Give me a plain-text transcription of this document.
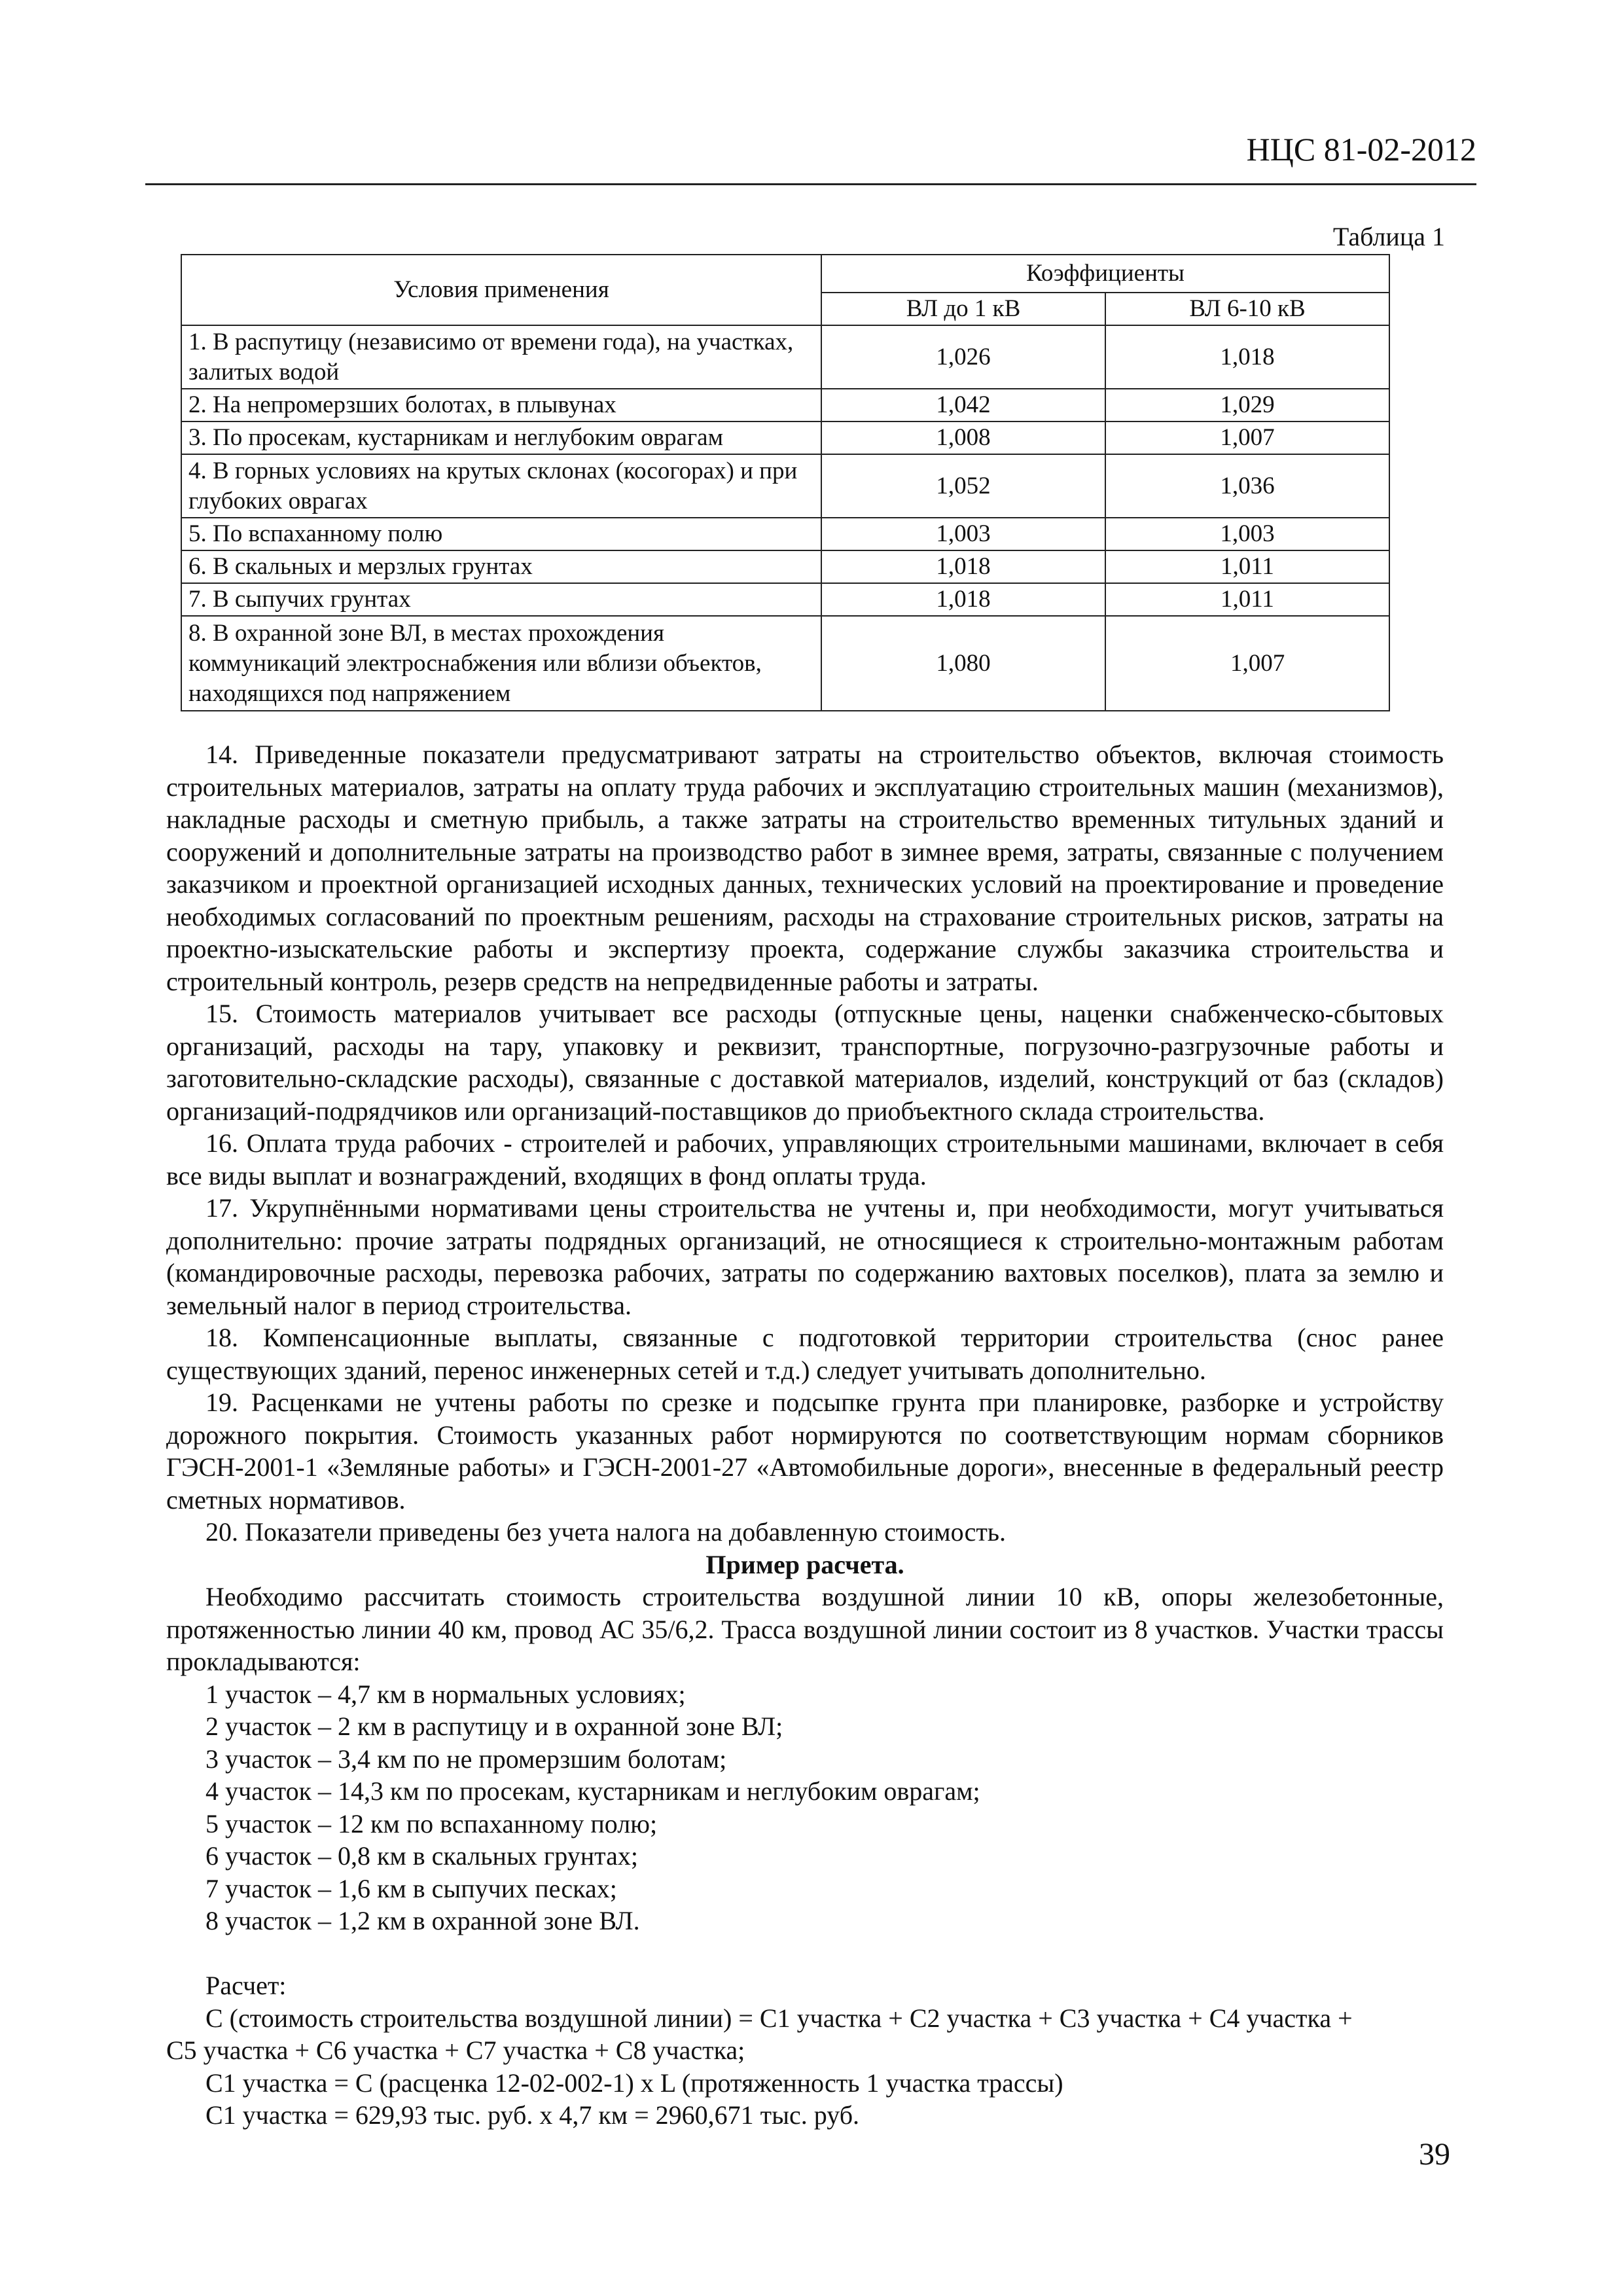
НЦС 81-02-2012
Таблица 1
Условия применения	Коэффициенты	
	ВЛ до 1 кВ	ВЛ 6-10 кВ
1. В распутицу (независимо от времени года), на участках, залитых водой	1,026	1,018
2. На непромерзших болотах, в плывунах	1,042	1,029
3. По просекам, кустарникам и неглубоким оврагам	1,008	1,007
4. В горных условиях на крутых склонах (косогорах) и при глубоких оврагах	1,052	1,036
5. По вспаханному полю	1,003	1,003
6. В скальных и мерзлых грунтах	1,018	1,011
7. В сыпучих грунтах	1,018	1,011
8. В охранной зоне ВЛ, в местах прохождения коммуникаций электроснабжения или вблизи объектов, находящихся под напряжением	1,080	1,007

14. Приведенные показатели предусматривают затраты на строительство объектов, включая стоимость строительных материалов, затраты на оплату труда рабочих и эксплуатацию строительных машин (механизмов), накладные расходы и сметную прибыль, а также затраты на строительство временных титульных зданий и сооружений и дополнительные затраты на производство работ в зимнее время, затраты, связанные с получением заказчиком и проектной организацией исходных данных, технических условий на проектирование и проведение необходимых согласований по проектным решениям, расходы на страхование строительных рисков, затраты на проектно-изыскательские работы и экспертизу проекта, содержание службы заказчика строительства и строительный контроль, резерв средств на непредвиденные работы и затраты.

15. Стоимость материалов учитывает все расходы (отпускные цены, наценки снабженческо-сбытовых организаций, расходы на тару, упаковку и реквизит, транспортные, погрузочно-разгрузочные работы и заготовительно-складские расходы), связанные с доставкой материалов, изделий, конструкций от баз (складов) организаций-подрядчиков или организаций-поставщиков до приобъектного склада строительства.

16. Оплата труда рабочих - строителей и рабочих, управляющих строительными машинами, включает в себя все виды выплат и вознаграждений, входящих в фонд оплаты труда.

17. Укрупнёнными нормативами цены строительства не учтены и, при необходимости, могут учитываться дополнительно: прочие затраты подрядных организаций, не относящиеся к строительно-монтажным работам (командировочные расходы, перевозка рабочих, затраты по содержанию вахтовых поселков), плата за землю и земельный налог в период строительства.

18. Компенсационные выплаты, связанные с подготовкой территории строительства (снос ранее существующих зданий, перенос инженерных сетей и т.д.) следует учитывать дополнительно.

19. Расценками не учтены работы по срезке и подсыпке грунта при планировке, разборке и устройству дорожного покрытия. Стоимость указанных работ нормируются по соответствующим нормам сборников ГЭСН-2001-1 «Земляные работы» и ГЭСН-2001-27 «Автомобильные дороги», внесенные в федеральный реестр сметных нормативов.

20. Показатели приведены без учета налога на добавленную стоимость.

Пример расчета.

Необходимо рассчитать стоимость строительства воздушной линии 10 кВ, опоры железобетонные, протяженностью линии 40 км, провод АС 35/6,2. Трасса воздушной линии состоит из 8 участков. Участки трассы прокладываются:

1 участок – 4,7 км в нормальных условиях;

2 участок – 2 км в распутицу и в охранной зоне ВЛ;

3 участок – 3,4 км по не промерзшим болотам;

4 участок – 14,3 км по просекам, кустарникам и неглубоким оврагам;

5 участок – 12 км по вспаханному полю;

6 участок – 0,8 км в скальных грунтах;

7 участок – 1,6 км в сыпучих песках;

8 участок – 1,2 км в охранной зоне ВЛ.

Расчет:

С (стоимость строительства воздушной линии) = С1 участка + С2 участка + С3 участка + С4 участка +

С5 участка + С6 участка + С7 участка + С8 участка;

С1 участка = С (расценка 12-02-002-1) х L (протяженность 1 участка трассы)

С1 участка = 629,93 тыс. руб. х 4,7 км = 2960,671 тыс. руб.

39
